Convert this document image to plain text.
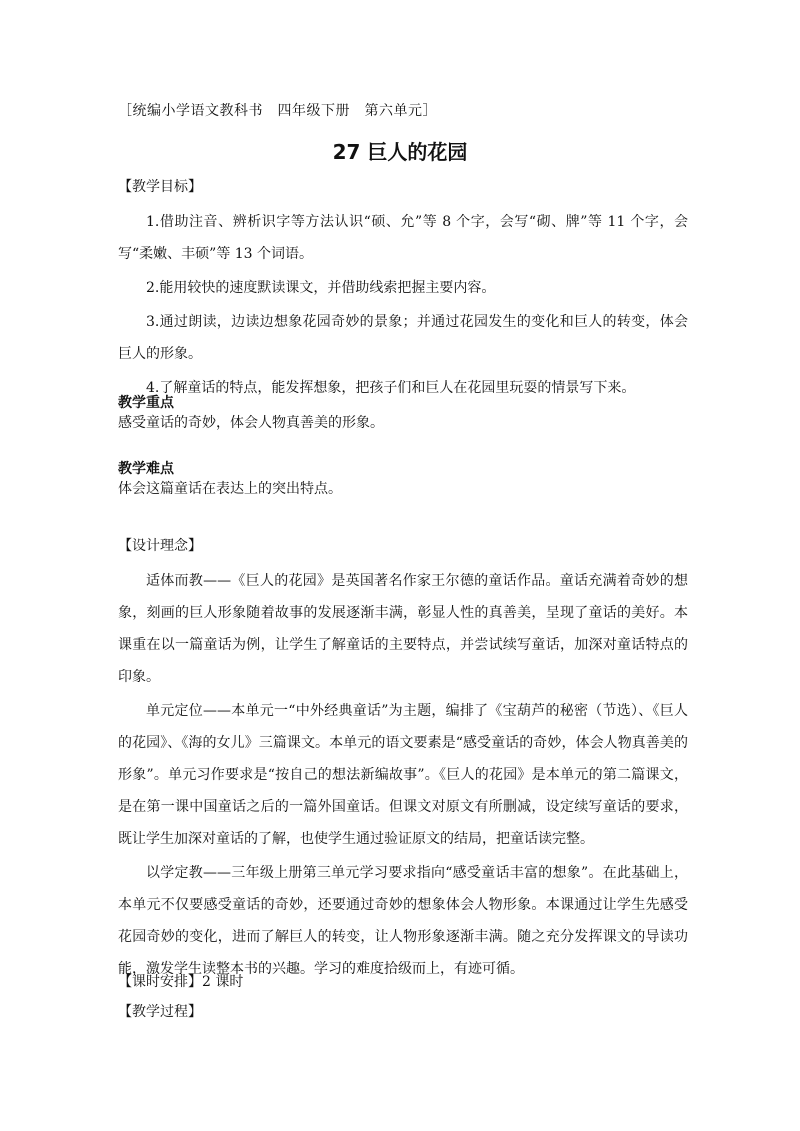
［统编小学语文教科书　四年级下册　第六单元］
27 巨人的花园
【教学目标】

1.借助注音、辨析识字等方法认识“硕、允”等 8 个字，会写“砌、牌”等 11 个字，会写“柔嫩、丰硕”等 13 个词语。

2.能用较快的速度默读课文，并借助线索把握主要内容。

3.通过朗读，边读边想象花园奇妙的景象；并通过花园发生的变化和巨人的转变，体会巨人的形象。

4.了解童话的特点，能发挥想象，把孩子们和巨人在花园里玩耍的情景写下来。

教学重点

感受童话的奇妙，体会人物真善美的形象。

教学难点

体会这篇童话在表达上的突出特点。

【设计理念】

适体而教——《巨人的花园》是英国著名作家王尔德的童话作品。童话充满着奇妙的想象，刻画的巨人形象随着故事的发展逐渐丰满，彰显人性的真善美，呈现了童话的美好。本课重在以一篇童话为例，让学生了解童话的主要特点，并尝试续写童话，加深对童话特点的印象。

单元定位——本单元一“中外经典童话”为主题，编排了《宝葫芦的秘密（节选）、《巨人的花园》、《海的女儿》三篇课文。本单元的语文要素是“感受童话的奇妙，体会人物真善美的形象”。单元习作要求是“按自己的想法新编故事”。《巨人的花园》是本单元的第二篇课文，是在第一课中国童话之后的一篇外国童话。但课文对原文有所删减，设定续写童话的要求，既让学生加深对童话的了解，也使学生通过验证原文的结局，把童话读完整。

以学定教——三年级上册第三单元学习要求指向“感受童话丰富的想象”。在此基础上，本单元不仅要感受童话的奇妙，还要通过奇妙的想象体会人物形象。本课通过让学生先感受花园奇妙的变化，进而了解巨人的转变，让人物形象逐渐丰满。随之充分发挥课文的导读功能，激发学生读整本书的兴趣。学习的难度拾级而上，有迹可循。

【课时安排】2 课时
【教学过程】
